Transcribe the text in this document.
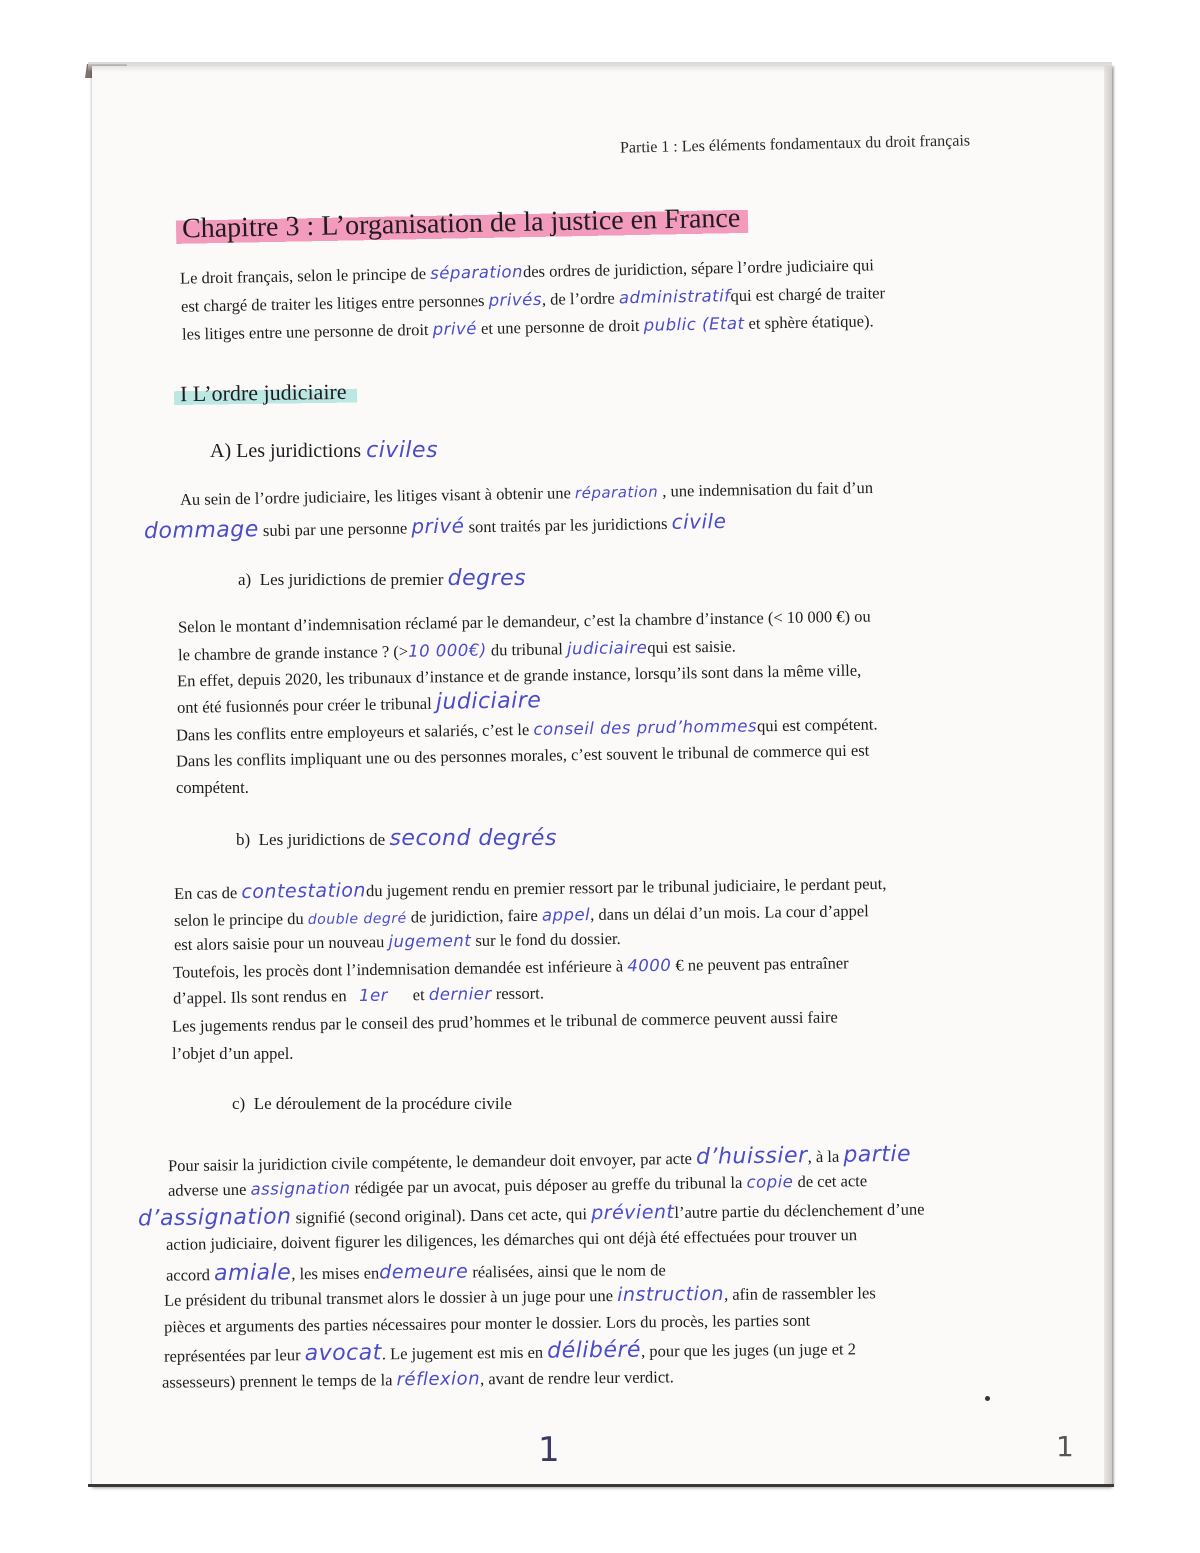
Partie 1 : Les éléments fondamentaux du droit français
Chapitre 3 : L’organisation de la justice en France
Le droit français, selon le principe de séparationdes ordres de juridiction, sépare l’ordre judiciaire qui
est chargé de traiter les litiges entre personnes privés, de l’ordre administratifqui est chargé de traiter
les litiges entre une personne de droit privé et une personne de droit public (Etat et sphère étatique).
I L’ordre judiciaire
A) Les juridictions civiles
Au sein de l’ordre judiciaire, les litiges visant à obtenir une réparation , une indemnisation du fait d’un
dommage subi par une personne privé sont traités par les juridictions civile
a) Les juridictions de premier degres
Selon le montant d’indemnisation réclamé par le demandeur, c’est la chambre d’instance (< 10 000 €) ou
le chambre de grande instance ? (>10 000€) du tribunal judiciairequi est saisie.
En effet, depuis 2020, les tribunaux d’instance et de grande instance, lorsqu’ils sont dans la même ville,
ont été fusionnés pour créer le tribunal judiciaire
Dans les conflits entre employeurs et salariés, c’est le conseil des prud’hommesqui est compétent.
Dans les conflits impliquant une ou des personnes morales, c’est souvent le tribunal de commerce qui est
compétent.
b) Les juridictions de second degrés
En cas de contestationdu jugement rendu en premier ressort par le tribunal judiciaire, le perdant peut,
selon le principe du double degré de juridiction, faire appel, dans un délai d’un mois. La cour d’appel
est alors saisie pour un nouveau jugement sur le fond du dossier.
Toutefois, les procès dont l’indemnisation demandée est inférieure à 4000 € ne peuvent pas entraîner
d’appel. Ils sont rendus en 1er et dernier ressort.
Les jugements rendus par le conseil des prud’hommes et le tribunal de commerce peuvent aussi faire
l’objet d’un appel.
c) Le déroulement de la procédure civile
Pour saisir la juridiction civile compétente, le demandeur doit envoyer, par acte d’huissier, à la partie
adverse une assignation rédigée par un avocat, puis déposer au greffe du tribunal la copie de cet acte
d’assignation signifié (second original). Dans cet acte, qui prévientl’autre partie du déclenchement d’une
action judiciaire, doivent figurer les diligences, les démarches qui ont déjà été effectuées pour trouver un
accord amiale, les mises endemeure réalisées, ainsi que le nom de
Le président du tribunal transmet alors le dossier à un juge pour une instruction, afin de rassembler les
pièces et arguments des parties nécessaires pour monter le dossier. Lors du procès, les parties sont
représentées par leur avocat. Le jugement est mis en délibéré, pour que les juges (un juge et 2
assesseurs) prennent le temps de la réflexion, avant de rendre leur verdict.
1	1
